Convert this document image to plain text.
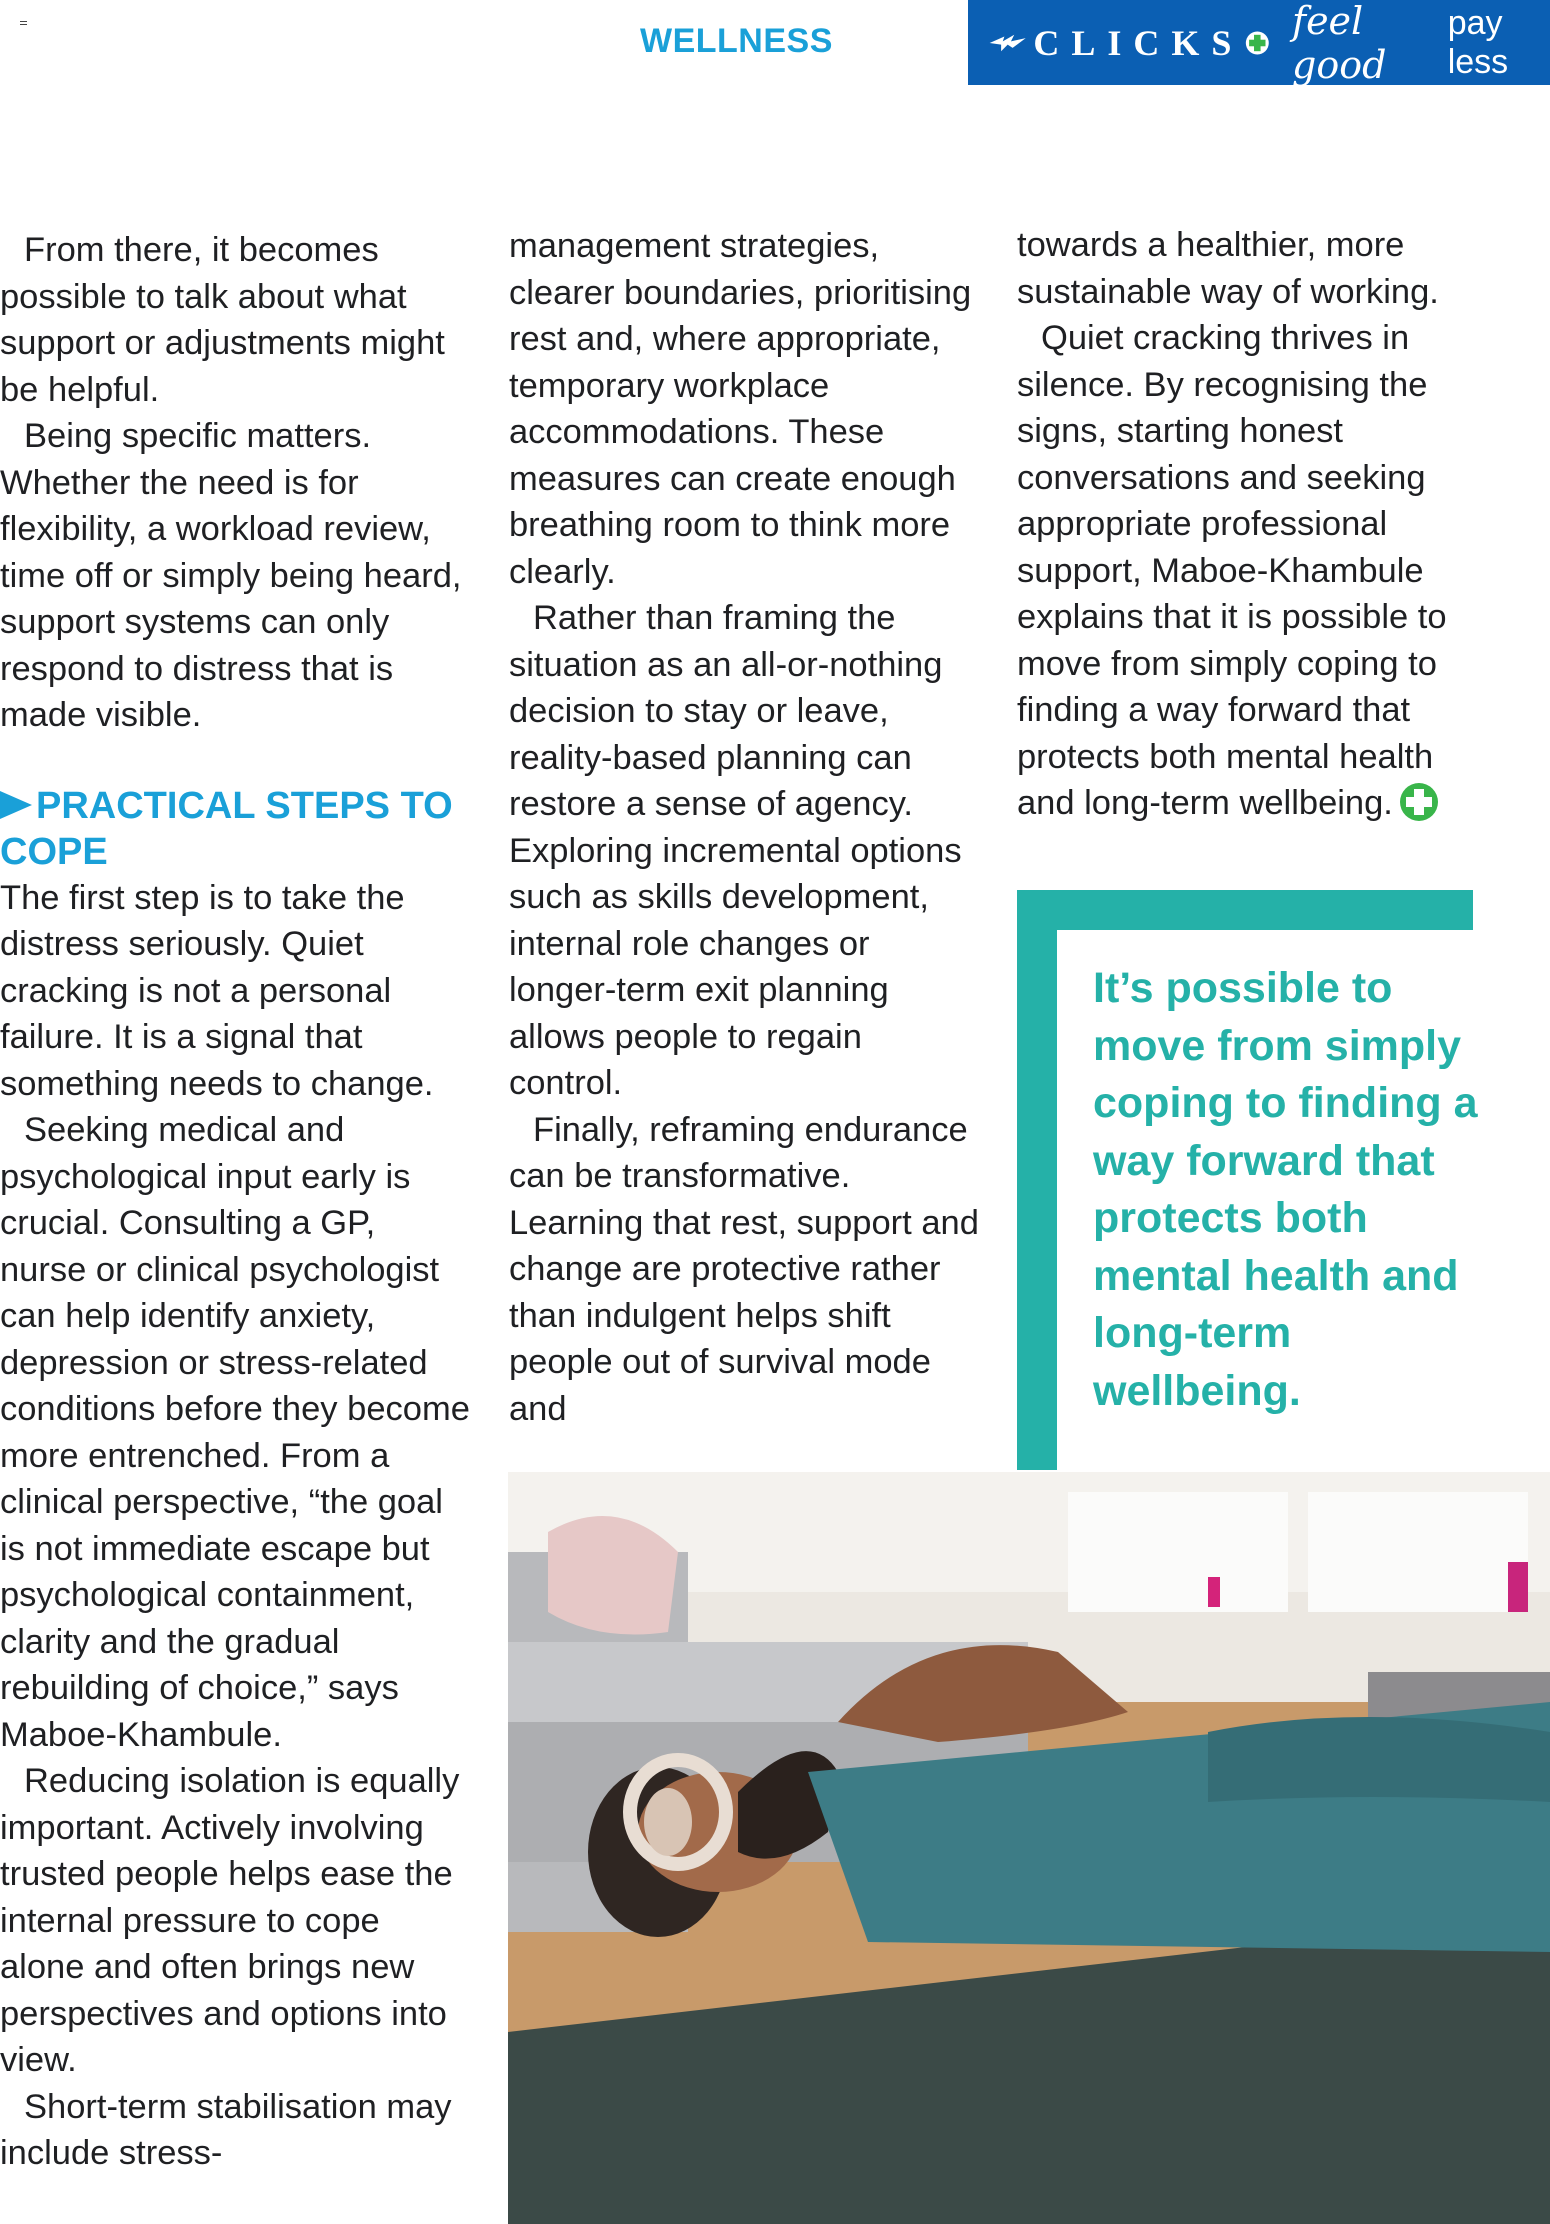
WELLNESS	CLICKS feel good
pay less

From there, it becomes possible to talk about what support or adjustments might be helpful.

Being specific matters. Whether the need is for flexibility, a workload review, time off or simply being heard, support systems can only respond to distress that is made visible.

PRACTICAL STEPS TO COPE

The first step is to take the distress seriously. Quiet cracking is not a personal failure. It is a signal that something needs to change.

Seeking medical and psychological input early is crucial. Consulting a GP, nurse or clinical psychologist can help identify anxiety, depression or stress-related conditions before they become more entrenched. From a clinical perspective, “the goal is not immediate escape but psychological containment, clarity and the gradual rebuilding of choice,” says Maboe-Khambule.

Reducing isolation is equally important. Actively involving trusted people helps ease the internal pressure to cope alone and often brings new perspectives and options into view.

Short-term stabilisation may include stress-

management strategies, clearer boundaries, prioritising rest and, where appropriate, temporary workplace accommodations. These measures can create enough breathing room to think more clearly.

Rather than framing the situation as an all-or-nothing decision to stay or leave, reality-based planning can restore a sense of agency. Exploring incremental options such as skills development, internal role changes or longer-term exit planning allows people to regain control.

Finally, reframing endurance can be transformative. Learning that rest, support and change are protective rather than indulgent helps shift people out of survival mode and

towards a healthier, more sustainable way of working.

Quiet cracking thrives in silence. By recognising the signs, starting honest conversations and seeking appropriate professional support, Maboe-Khambule explains that it is possible to move from simply coping to finding a way forward that protects both mental health and long-term wellbeing.

It’s possible to move from simply coping to finding a way forward that protects both mental health and long-term wellbeing.
